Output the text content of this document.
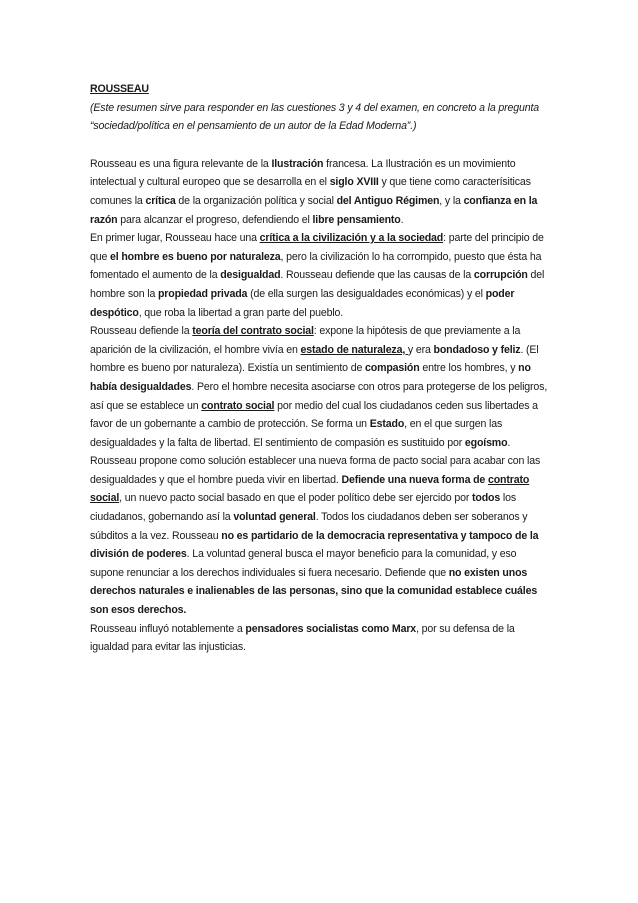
ROUSSEAU

(Este resumen sirve para responder en las cuestiones 3 y 4 del examen, en concreto a la pregunta “sociedad/política en el pensamiento de un autor de la Edad Moderna”.)

Rousseau es una figura relevante de la Ilustración francesa. La Ilustración es un movimiento intelectual y cultural europeo que se desarrolla en el siglo XVIII y que tiene como caracterísiticas comunes la crítica de la organización política y social del Antiguo Régimen, y la confianza en la razón para alcanzar el progreso, defendiendo el libre pensamiento.

En primer lugar, Rousseau hace una crítica a la civilización y a la sociedad: parte del principio de que el hombre es bueno por naturaleza, pero la civilización lo ha corrompido, puesto que ésta ha fomentado el aumento de la desigualdad. Rousseau defiende que las causas de la corrupción del hombre son la propiedad privada (de ella surgen las desigualdades económicas) y el poder despótico, que roba la libertad a gran parte del pueblo.

Rousseau defiende la teoría del contrato social: expone la hipótesis de que previamente a la aparición de la civilización, el hombre vivía en estado de naturaleza, y era bondadoso y feliz. (El hombre es bueno por naturaleza). Existía un sentimiento de compasión entre los hombres, y no había desigualdades. Pero el hombre necesita asociarse con otros para protegerse de los peligros, así que se establece un contrato social por medio del cual los ciudadanos ceden sus libertades a favor de un gobernante a cambio de protección. Se forma un Estado, en el que surgen las desigualdades y la falta de libertad. El sentimiento de compasión es sustituido por egoísmo. Rousseau propone como solución establecer una nueva forma de pacto social para acabar con las desigualdades y que el hombre pueda vivir en libertad. Defiende una nueva forma de contrato social, un nuevo pacto social basado en que el poder político debe ser ejercido por todos los ciudadanos, gobernando así la voluntad general. Todos los ciudadanos deben ser soberanos y súbditos a la vez. Rousseau no es partidario de la democracia representativa y tampoco de la división de poderes. La voluntad general busca el mayor beneficio para la comunidad, y eso supone renunciar a los derechos individuales si fuera necesario. Defiende que no existen unos derechos naturales e inalienables de las personas, sino que la comunidad establece cuáles son esos derechos.

Rousseau influyó notablemente a pensadores socialistas como Marx, por su defensa de la igualdad para evitar las injusticias.
